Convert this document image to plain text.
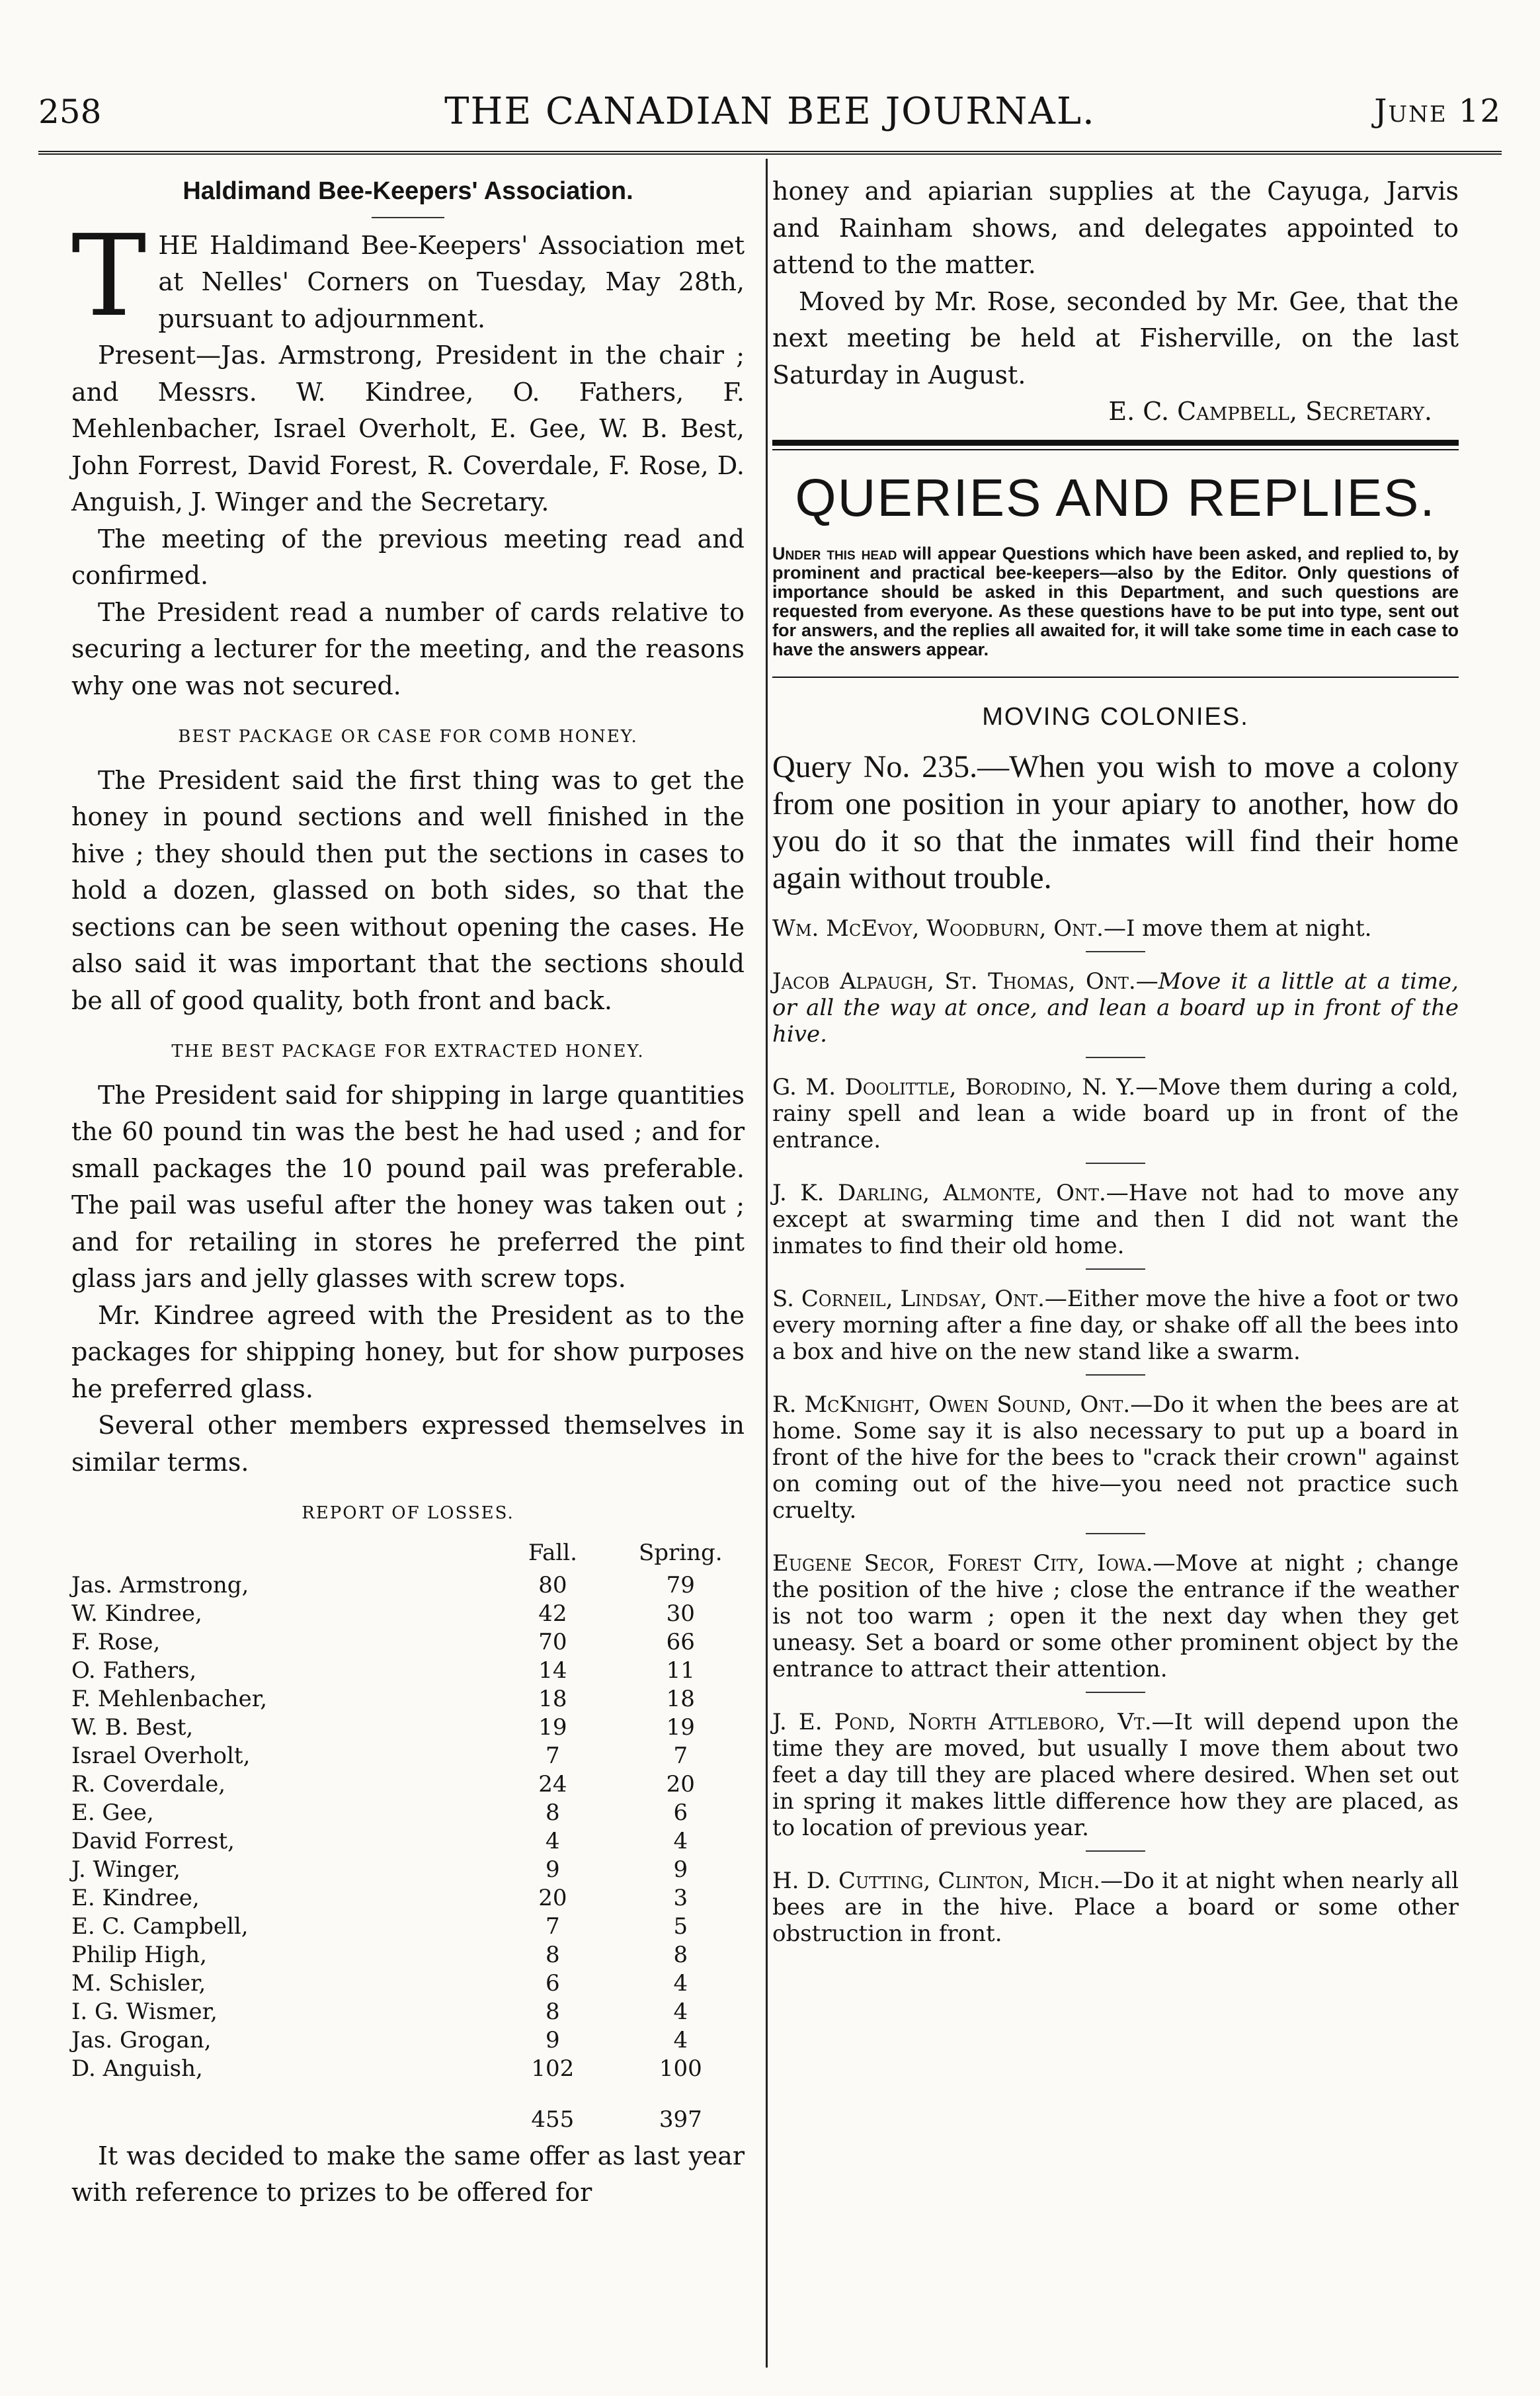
258	THE CANADIAN BEE JOURNAL.	June 12
Haldimand Bee-Keepers' Association.

THE Haldimand Bee-Keepers' Association met at Nelles' Corners on Tuesday, May 28th, pursuant to adjournment.

Present—Jas. Armstrong, President in the chair ; and Messrs. W. Kindree, O. Fathers, F. Mehlenbacher, Israel Overholt, E. Gee, W. B. Best, John Forrest, David Forest, R. Coverdale, F. Rose, D. Anguish, J. Winger and the Secretary.

The meeting of the previous meeting read and confirmed.

The President read a number of cards relative to securing a lecturer for the meeting, and the reasons why one was not secured.

BEST PACKAGE OR CASE FOR COMB HONEY.

The President said the first thing was to get the honey in pound sections and well finished in the hive ; they should then put the sections in cases to hold a dozen, glassed on both sides, so that the sections can be seen without opening the cases. He also said it was important that the sections should be all of good quality, both front and back.

THE BEST PACKAGE FOR EXTRACTED HONEY.

The President said for shipping in large quantities the 60 pound tin was the best he had used ; and for small packages the 10 pound pail was preferable. The pail was useful after the honey was taken out ; and for retailing in stores he preferred the pint glass jars and jelly glasses with screw tops.

Mr. Kindree agreed with the President as to the packages for shipping honey, but for show purposes he preferred glass.

Several other members expressed themselves in similar terms.

REPORT OF LOSSES.
	Fall.	Spring.
Jas. Armstrong,	80	79
W. Kindree,	42	30
F. Rose,	70	66
O. Fathers,	14	11
F. Mehlenbacher,	18	18
W. B. Best,	19	19
Israel Overholt,	7	7
R. Coverdale,	24	20
E. Gee,	8	6
David Forrest,	4	4
J. Winger,	9	9
E. Kindree,	20	3
E. C. Campbell,	7	5
Philip High,	8	8
M. Schisler,	6	4
I. G. Wismer,	8	4
Jas. Grogan,	9	4
D. Anguish,	102	100
	455	397

It was decided to make the same offer as last year with reference to prizes to be offered for

honey and apiarian supplies at the Cayuga, Jarvis and Rainham shows, and delegates appointed to attend to the matter.

Moved by Mr. Rose, seconded by Mr. Gee, that the next meeting be held at Fisherville, on the last Saturday in August.

E. C. Campbell, Secretary.
QUERIES AND REPLIES.
Under this head will appear Questions which have been asked, and replied to, by prominent and practical bee-keepers—also by the Editor. Only questions of importance should be asked in this Department, and such questions are requested from everyone. As these questions have to be put into type, sent out for answers, and the replies all awaited for, it will take some time in each case to have the answers appear.
MOVING COLONIES.
Query No. 235.—When you wish to move a colony from one position in your apiary to another, how do you do it so that the inmates will find their home again without trouble.
Wm. McEvoy, Woodburn, Ont.—I move them at night.
Jacob Alpaugh, St. Thomas, Ont.—Move it a little at a time, or all the way at once, and lean a board up in front of the hive.
G. M. Doolittle, Borodino, N. Y.—Move them during a cold, rainy spell and lean a wide board up in front of the entrance.
J. K. Darling, Almonte, Ont.—Have not had to move any except at swarming time and then I did not want the inmates to find their old home.
S. Corneil, Lindsay, Ont.—Either move the hive a foot or two every morning after a fine day, or shake off all the bees into a box and hive on the new stand like a swarm.
R. McKnight, Owen Sound, Ont.—Do it when the bees are at home. Some say it is also necessary to put up a board in front of the hive for the bees to "crack their crown" against on coming out of the hive—you need not practice such cruelty.
Eugene Secor, Forest City, Iowa.—Move at night ; change the position of the hive ; close the entrance if the weather is not too warm ; open it the next day when they get uneasy. Set a board or some other prominent object by the entrance to attract their attention.
J. E. Pond, North Attleboro, Vt.—It will depend upon the time they are moved, but usually I move them about two feet a day till they are placed where desired. When set out in spring it makes little difference how they are placed, as to location of previous year.
H. D. Cutting, Clinton, Mich.—Do it at night when nearly all bees are in the hive. Place a board or some other obstruction in front.
